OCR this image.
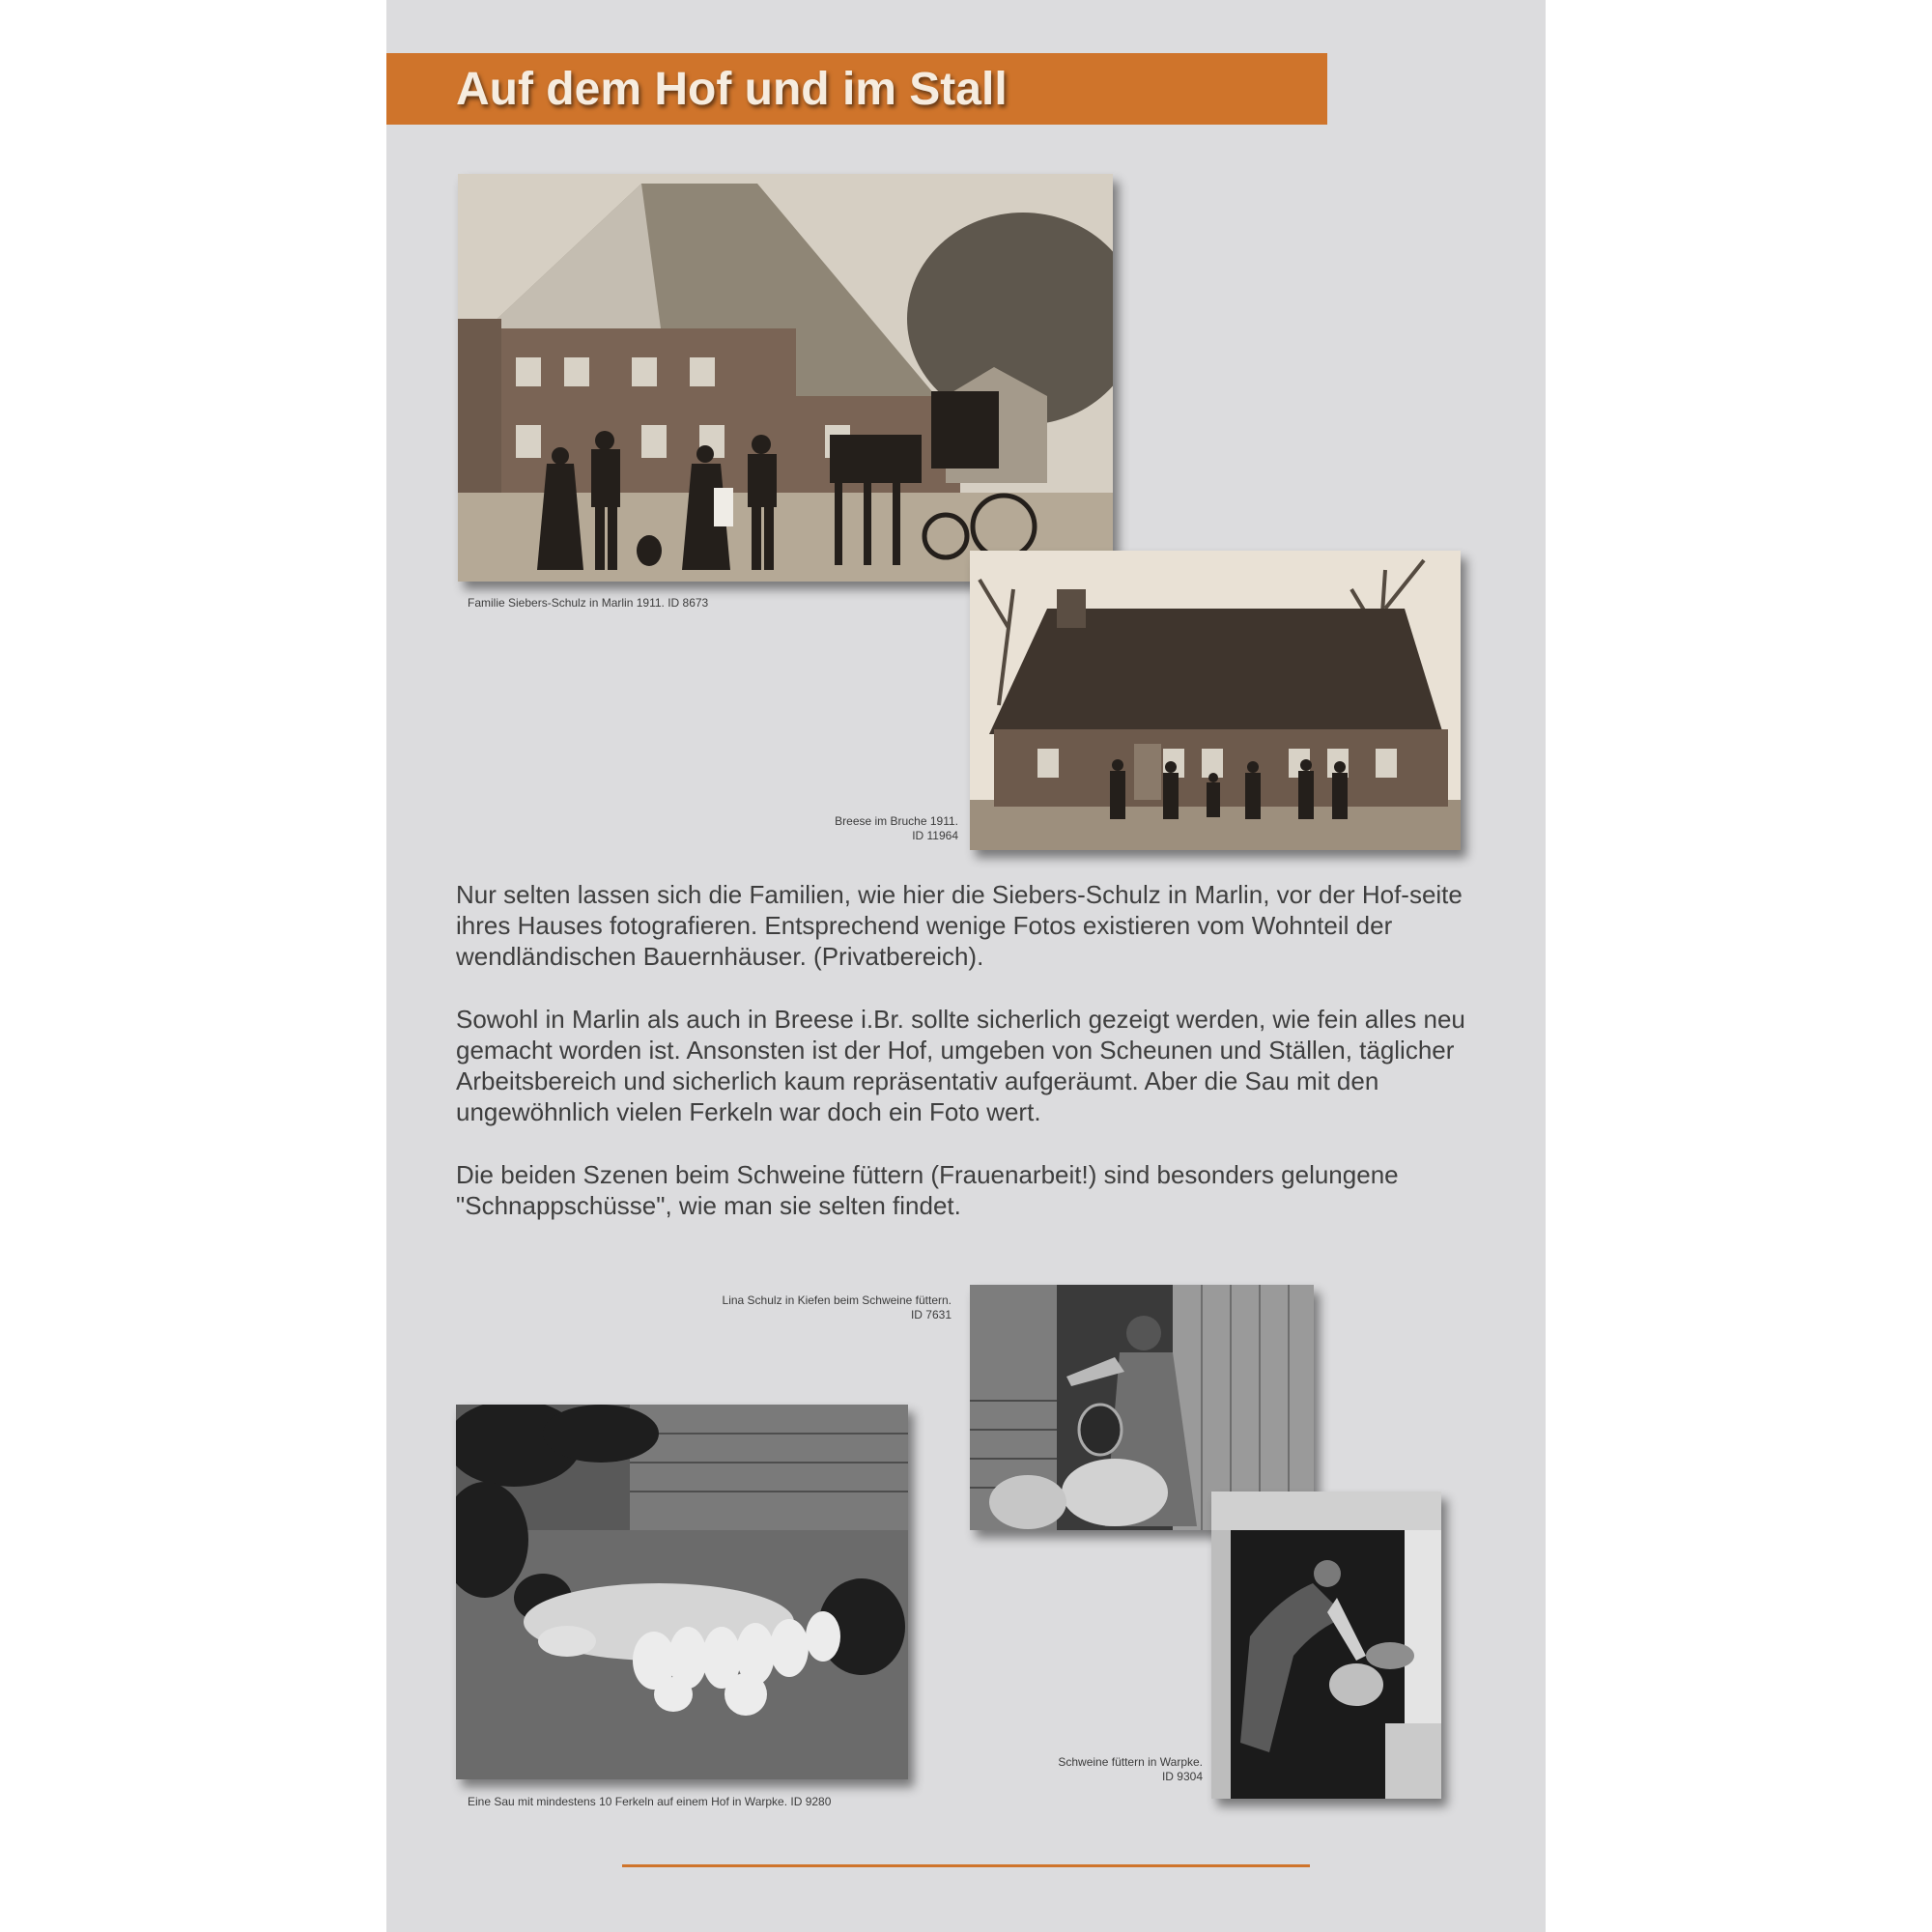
Auf dem Hof und im Stall
Familie Siebers-Schulz in Marlin 1911. ID 8673
Breese im Bruche 1911.
ID 11964

Nur selten lassen sich die Familien, wie hier die Siebers-Schulz in Marlin, vor der Hof-seite ihres Hauses fotografieren. Entsprechend wenige Fotos existieren vom Wohnteil der wendländischen Bauernhäuser. (Privatbereich).

Sowohl in Marlin als auch in Breese i.Br. sollte sicherlich gezeigt werden, wie fein alles neu gemacht worden ist. Ansonsten ist der Hof, umgeben von Scheunen und Ställen, täglicher Arbeitsbereich und sicherlich kaum repräsentativ aufgeräumt. Aber die Sau mit den ungewöhnlich vielen Ferkeln war doch ein Foto wert.

Die beiden Szenen beim Schweine füttern (Frauenarbeit!) sind besonders gelungene "Schnappschüsse", wie man sie selten findet.

Lina Schulz in Kiefen beim Schweine füttern.
ID 7631
Eine Sau mit mindestens 10 Ferkeln auf einem Hof in Warpke. ID 9280
Schweine füttern in Warpke.
ID 9304
